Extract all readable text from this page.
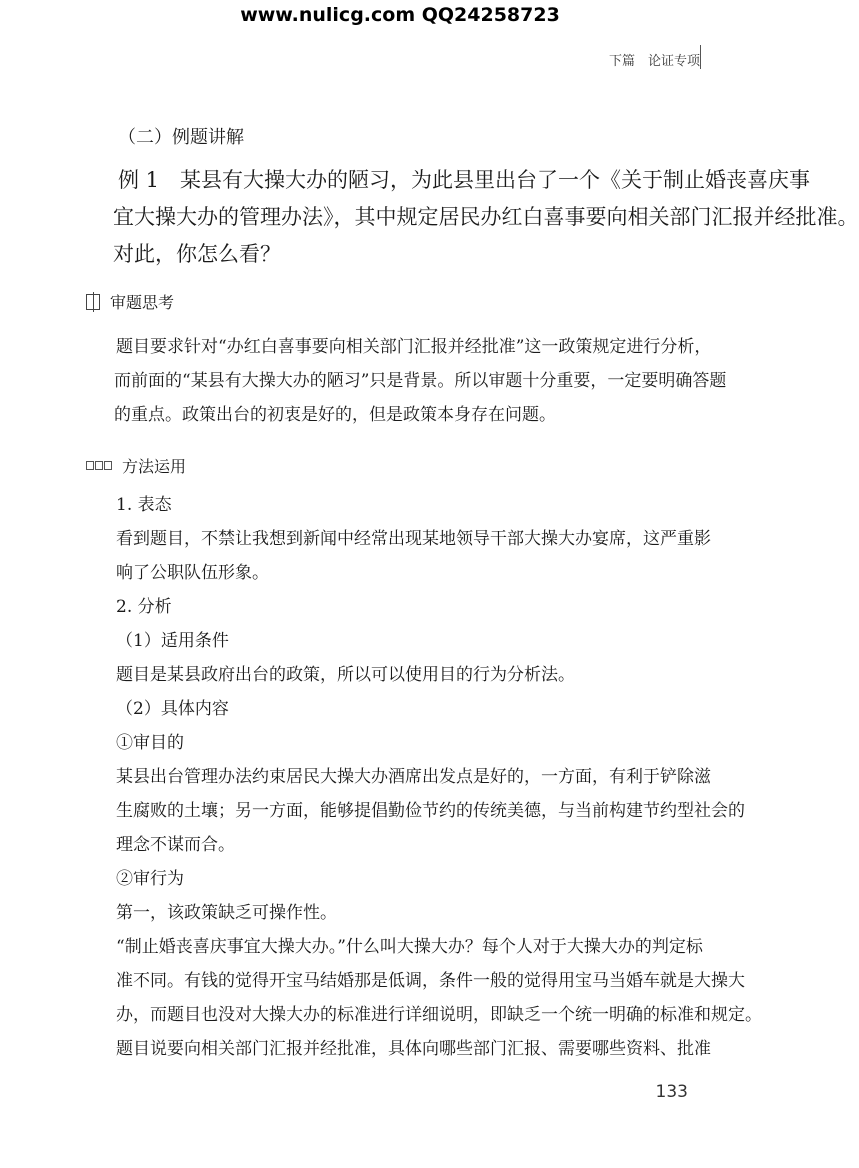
www.nulicg.com QQ24258723
下篇　论证专项
（二）例题讲解
例 1　某县有大操大办的陋习，为此县里出台了一个《关于制止婚丧喜庆事
宜大操大办的管理办法》，其中规定居民办红白喜事要向相关部门汇报并经批准。
对此，你怎么看？
审题思考
题目要求针对“办红白喜事要向相关部门汇报并经批准”这一政策规定进行分析，
而前面的“某县有大操大办的陋习”只是背景。所以审题十分重要，一定要明确答题
的重点。政策出台的初衷是好的，但是政策本身存在问题。
方法运用
1. 表态
看到题目，不禁让我想到新闻中经常出现某地领导干部大操大办宴席，这严重影
响了公职队伍形象。
2. 分析
（1）适用条件
题目是某县政府出台的政策，所以可以使用目的行为分析法。
（2）具体内容
①审目的
某县出台管理办法约束居民大操大办酒席出发点是好的，一方面，有利于铲除滋
生腐败的土壤；另一方面，能够提倡勤俭节约的传统美德，与当前构建节约型社会的
理念不谋而合。
②审行为
第一，该政策缺乏可操作性。
“制止婚丧喜庆事宜大操大办。”什么叫大操大办？每个人对于大操大办的判定标
准不同。有钱的觉得开宝马结婚那是低调，条件一般的觉得用宝马当婚车就是大操大
办，而题目也没对大操大办的标准进行详细说明，即缺乏一个统一明确的标准和规定。
题目说要向相关部门汇报并经批准，具体向哪些部门汇报、需要哪些资料、批准
133
